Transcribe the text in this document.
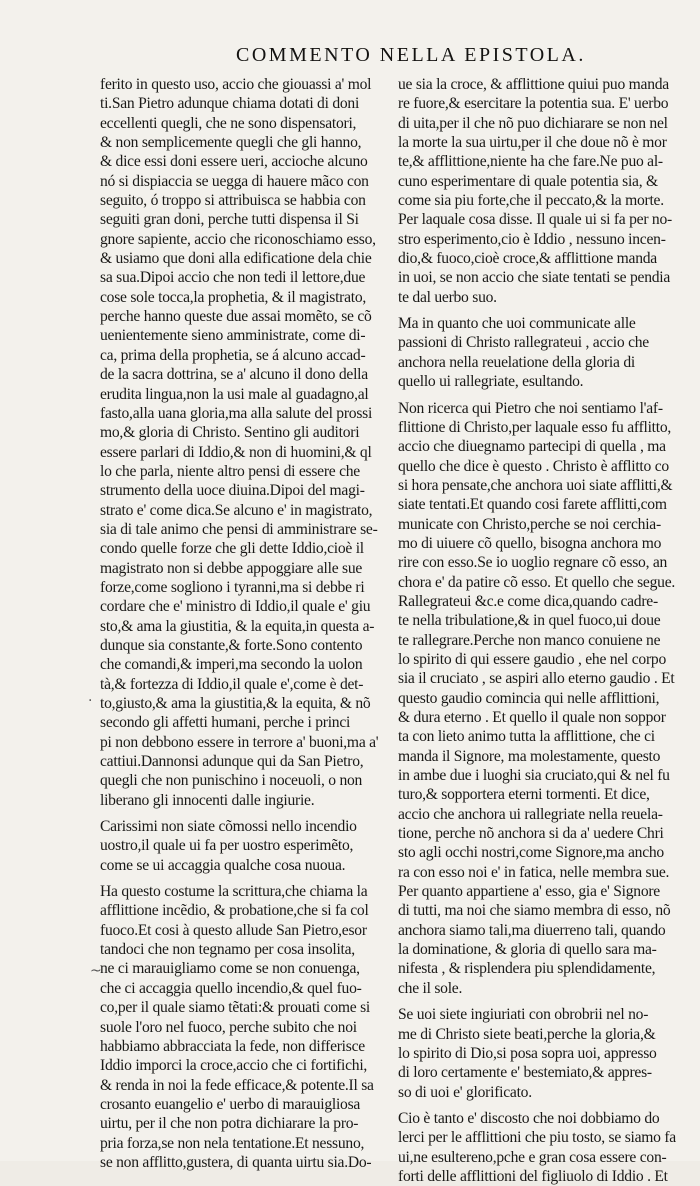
COMMENTO NELLA EPISTOLA.
ferito in questo uso, accio che giouassi a' mol
ti.San Pietro adunque chiama dotati di doni
eccellenti quegli, che ne sono dispensatori,
& non semplicemente quegli che gli hanno,
& dice essi doni essere ueri, accioche alcuno
nó si dispiaccia se uegga di hauere mãco con
seguito, ó troppo si attribuisca se habbia con
seguiti gran doni, perche tutti dispensa il Si
gnore sapiente, accio che riconoschiamo esso,
& usiamo que doni alla edificatione dela chie
sa sua.Dipoi accio che non tedi il lettore,due
cose sole tocca,la prophetia, & il magistrato,
perche hanno queste due assai momẽto, se cõ
uenientemente sieno amministrate, come di-
ca, prima della prophetia, se á alcuno accad-
de la sacra dottrina, se a' alcuno il dono della
erudita lingua,non la usi male al guadagno,al
fasto,alla uana gloria,ma alla salute del prossi
mo,& gloria di Christo. Sentino gli auditori
essere parlari di Iddio,& non di huomini,& ql
lo che parla, niente altro pensi di essere che
strumento della uoce diuina.Dipoi del magi-
strato e' come dica.Se alcuno e' in magistrato,
sia di tale animo che pensi di amministrare se-
condo quelle forze che gli dette Iddio,cioè il
magistrato non si debbe appoggiare alle sue
forze,come sogliono i tyranni,ma si debbe ri
cordare che e' ministro di Iddio,il quale e' giu
sto,& ama la giustitia, & la equita,in questa a-
dunque sia constante,& forte.Sono contento
che comandi,& imperi,ma secondo la uolon
tà,& fortezza di Iddio,il quale e',come è det-
to,giusto,& ama la giustitia,& la equita, & nõ
secondo gli affetti humani, perche i princi
pi non debbono essere in terrore a' buoni,ma a'
cattiui.Dannonsi adunque qui da San Pietro,
quegli che non punischino i noceuoli, o non
liberano gli innocenti dalle ingiurie.
Carissimi non siate cõmossi nello incendio
uostro,il quale ui fa per uostro esperimẽto,
come se ui accaggia qualche cosa nuoua.
Ha questo costume la scrittura,che chiama la
afflittione incẽdio, & probatione,che si fa col
fuoco.Et cosi à questo allude San Pietro,esor
tandoci che non tegnamo per cosa insolita,
ne ci marauigliamo come se non conuenga,
che ci accaggia quello incendio,& quel fuo-
co,per il quale siamo tẽtati:& prouati come si
suole l'oro nel fuoco, perche subito che noi
habbiamo abbracciata la fede, non differisce
Iddio imporci la croce,accio che ci fortifichi,
& renda in noi la fede efficace,& potente.Il sa
crosanto euangelio e' uerbo di marauigliosa
uirtu, per il che non potra dichiarare la pro-
pria forza,se non nela tentatione.Et nessuno,
se non afflitto,gustera, di quanta uirtu sia.Do-
ue sia la croce, & afflittione quiui puo manda
re fuore,& esercitare la potentia sua. E' uerbo
di uita,per il che nõ puo dichiarare se non nel
la morte la sua uirtu,per il che doue nõ è mor
te,& afflittione,niente ha che fare.Ne puo al-
cuno esperimentare di quale potentia sia, &
come sia piu forte,che il peccato,& la morte.
Per laquale cosa disse. Il quale ui si fa per no-
stro esperimento,cio è Iddio , nessuno incen-
dio,& fuoco,cioè croce,& afflittione manda
in uoi, se non accio che siate tentati se pendia
te dal uerbo suo.
Ma in quanto che uoi communicate alle
passioni di Christo rallegrateui , accio che
anchora nella reuelatione della gloria di
quello ui rallegriate, esultando.
Non ricerca qui Pietro che noi sentiamo l'af-
flittione di Christo,per laquale esso fu afflitto,
accio che diuegnamo partecipi di quella , ma
quello che dice è questo . Christo è afflitto co
si hora pensate,che anchora uoi siate afflitti,&
siate tentati.Et quando cosi farete afflitti,com
municate con Christo,perche se noi cerchia-
mo di uiuere cõ quello, bisogna anchora mo
rire con esso.Se io uoglio regnare cõ esso, an
chora e' da patire cõ esso. Et quello che segue.
Rallegrateui &c.e come dica,quando cadre-
te nella tribulatione,& in quel fuoco,ui doue
te rallegrare.Perche non manco conuiene ne
lo spirito di qui essere gaudio , ehe nel corpo
sia il cruciato , se aspiri allo eterno gaudio . Et
questo gaudio comincia qui nelle afflittioni,
& dura eterno . Et quello il quale non soppor
ta con lieto animo tutta la afflittione, che ci
manda il Signore, ma molestamente, questo
in ambe due i luoghi sia cruciato,qui & nel fu
turo,& sopportera eterni tormenti. Et dice,
accio che anchora ui rallegriate nella reuela-
tione, perche nõ anchora si da a' uedere Chri
sto agli occhi nostri,come Signore,ma ancho
ra con esso noi e' in fatica, nelle membra sue.
Per quanto appartiene a' esso, gia e' Signore
di tutti, ma noi che siamo membra di esso, nõ
anchora siamo tali,ma diuerreno tali, quando
la dominatione, & gloria di quello sara ma-
nifesta , & risplendera piu splendidamente,
che il sole.
Se uoi siete ingiuriati con obrobrii nel no-
me di Christo siete beati,perche la gloria,&
lo spirito di Dio,si posa sopra uoi, appresso
di loro certamente e' bestemiato,& appres-
so di uoi e' glorificato.
Cio è tanto e' discosto che noi dobbiamo do
lerci per le afflittioni che piu tosto, se siamo fa
ui,ne esultereno,pche e gran cosa essere con-
forti delle afflittioni del figliuolo di Iddio . Et
·
~
